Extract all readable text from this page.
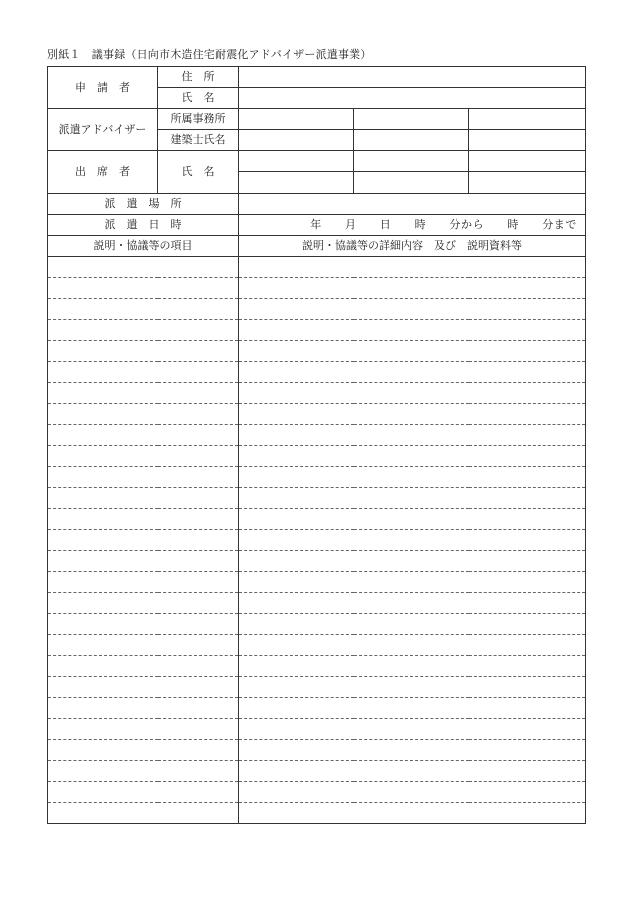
別紙１　議事録（日向市木造住宅耐震化アドバイザー派遣事業）
申　請　者	住　所			
	氏　名			
派遣アドバイザー	所属事務所			
	建築士氏名			
出　席　者	氏　名			

派　遣　場　所				
派　遣　日　時		年　　月　　日　　時　　分から　　時　　分まで		
説明・協議等の項目		説明・協議等の詳細内容　及び　説明資料等		
